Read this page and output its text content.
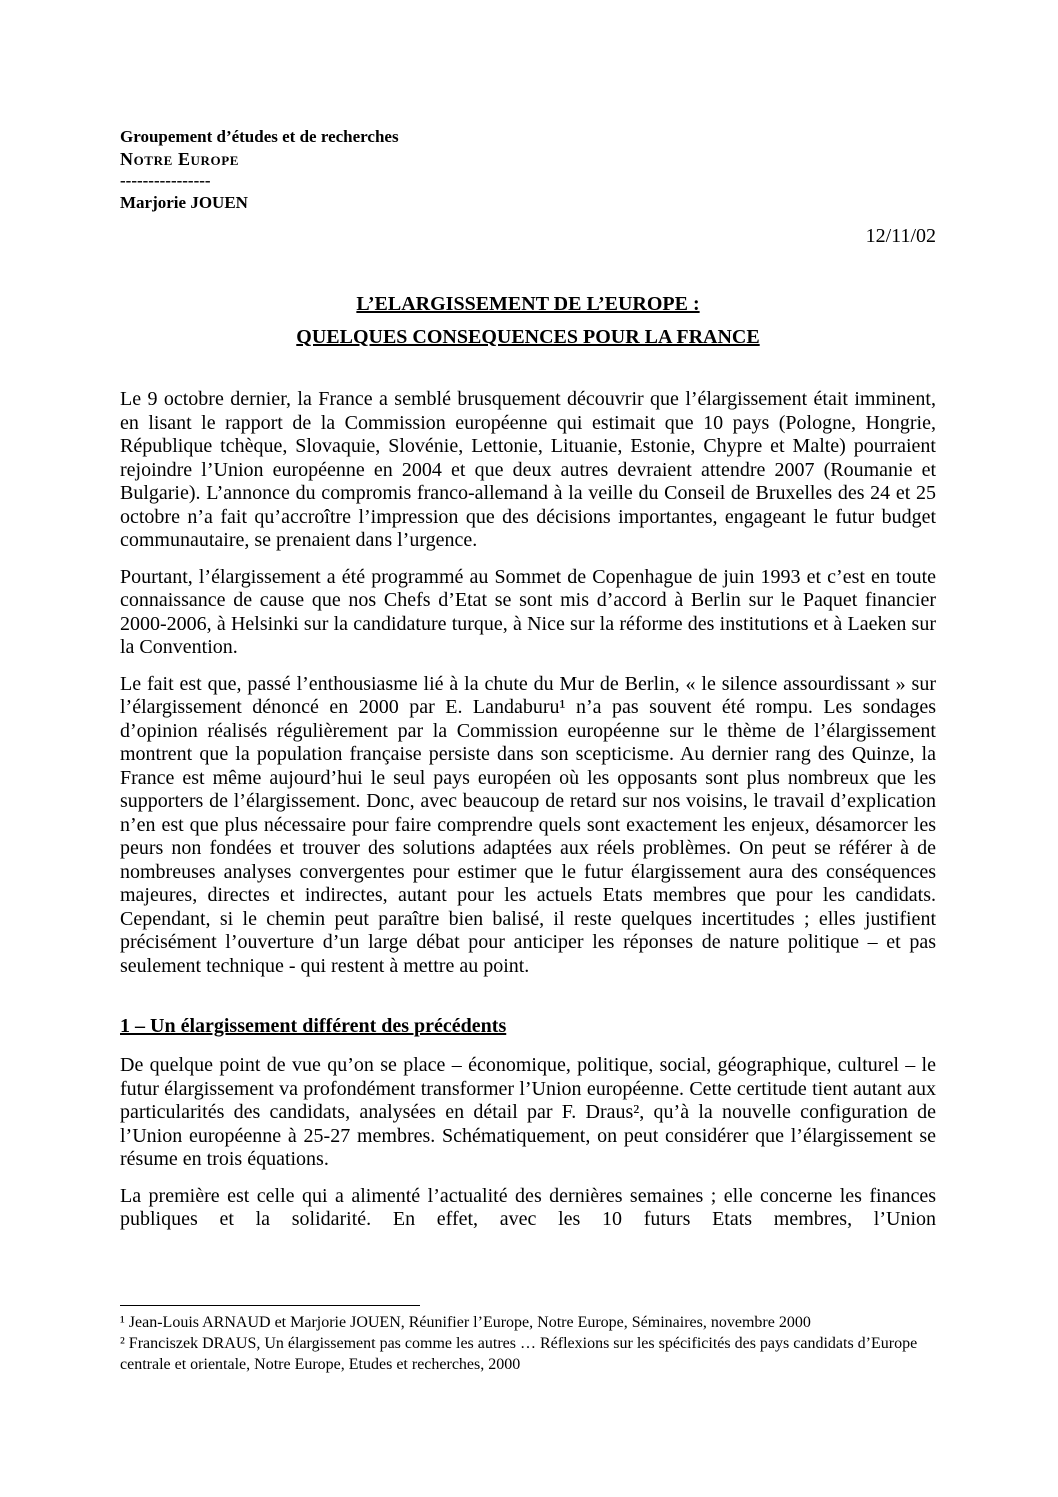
Groupement d’études et de recherches
Notre Europe
----------------
Marjorie JOUEN
12/11/02
L’ELARGISSEMENT DE L’EUROPE :
QUELQUES CONSEQUENCES POUR LA FRANCE

Le 9 octobre dernier, la France a semblé brusquement découvrir que l’élargissement était imminent, en lisant le rapport de la Commission européenne qui estimait que 10 pays (Pologne, Hongrie, République tchèque, Slovaquie, Slovénie, Lettonie, Lituanie, Estonie, Chypre et Malte) pourraient rejoindre l’Union européenne en 2004 et que deux autres devraient attendre 2007 (Roumanie et Bulgarie). L’annonce du compromis franco-allemand à la veille du Conseil de Bruxelles des 24 et 25 octobre n’a fait qu’accroître l’impression que des décisions importantes, engageant le futur budget communautaire, se prenaient dans l’urgence.

Pourtant, l’élargissement a été programmé au Sommet de Copenhague de juin 1993 et c’est en toute connaissance de cause que nos Chefs d’Etat se sont mis d’accord à Berlin sur le Paquet financier 2000-2006, à Helsinki sur la candidature turque, à Nice sur la réforme des institutions et à Laeken sur la Convention.

Le fait est que, passé l’enthousiasme lié à la chute du Mur de Berlin, « le silence assourdissant » sur l’élargissement dénoncé en 2000 par E. Landaburu¹ n’a pas souvent été rompu. Les sondages d’opinion réalisés régulièrement par la Commission européenne sur le thème de l’élargissement montrent que la population française persiste dans son scepticisme. Au dernier rang des Quinze, la France est même aujourd’hui le seul pays européen où les opposants sont plus nombreux que les supporters de l’élargissement. Donc, avec beaucoup de retard sur nos voisins, le travail d’explication n’en est que plus nécessaire pour faire comprendre quels sont exactement les enjeux, désamorcer les peurs non fondées et trouver des solutions adaptées aux réels problèmes. On peut se référer à de nombreuses analyses convergentes pour estimer que le futur élargissement aura des conséquences majeures, directes et indirectes, autant pour les actuels Etats membres que pour les candidats. Cependant, si le chemin peut paraître bien balisé, il reste quelques incertitudes ; elles justifient précisément l’ouverture d’un large débat pour anticiper les réponses de nature politique – et pas seulement technique - qui restent à mettre au point.

1 – Un élargissement différent des précédents

De quelque point de vue qu’on se place – économique, politique, social, géographique, culturel – le futur élargissement va profondément transformer l’Union européenne. Cette certitude tient autant aux particularités des candidats, analysées en détail par F. Draus², qu’à la nouvelle configuration de l’Union européenne à 25-27 membres. Schématiquement, on peut considérer que l’élargissement se résume en trois équations.

La première est celle qui a alimenté l’actualité des dernières semaines ; elle concerne les finances publiques et la solidarité. En effet, avec les 10 futurs Etats membres, l’Union

¹ Jean-Louis ARNAUD et Marjorie JOUEN, Réunifier l’Europe, Notre Europe, Séminaires, novembre 2000

² Franciszek DRAUS, Un élargissement pas comme les autres … Réflexions sur les spécificités des pays candidats d’Europe centrale et orientale, Notre Europe, Etudes et recherches, 2000
